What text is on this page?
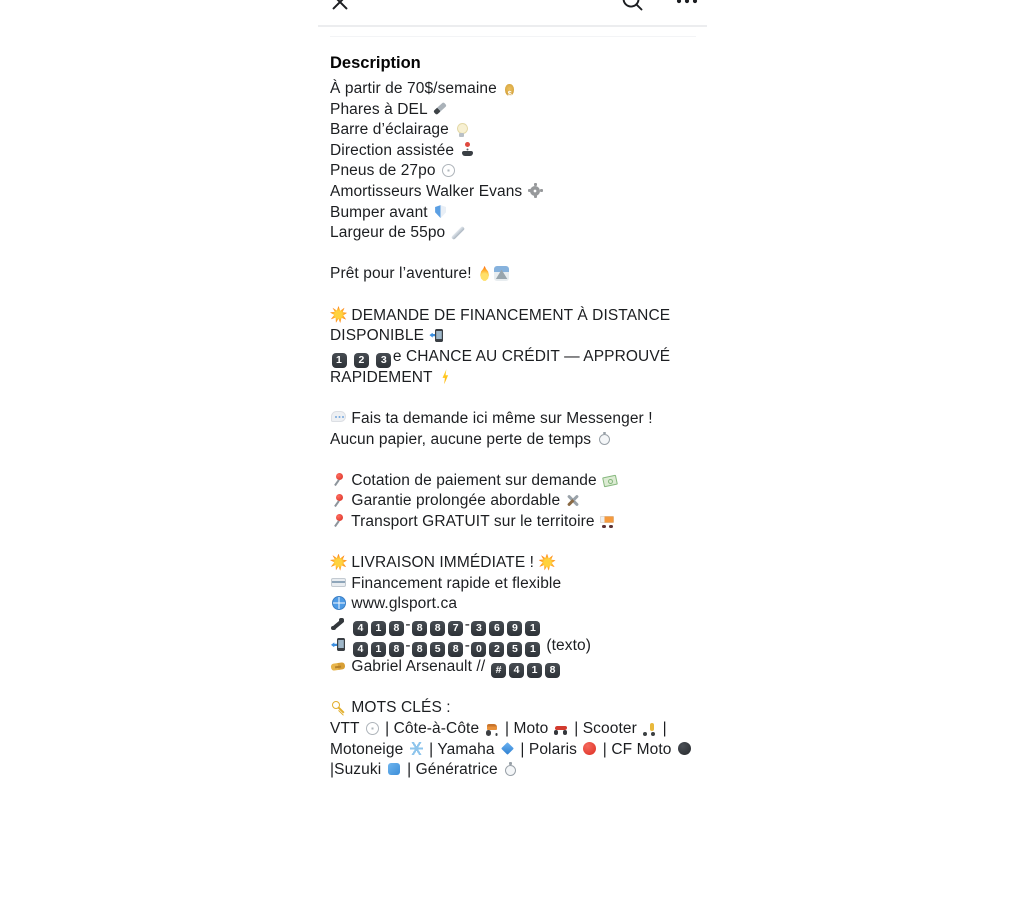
Description
À partir de 70$/semaine $
Phares à DEL
Barre d’éclairage
Direction assistée
Pneus de 27po
Amortisseurs Walker Evans
Bumper avant
Largeur de 55po
Prêt pour l’aventure!
DEMANDE DE FINANCEMENT À DISTANCE DISPONIBLE
1 2 3 e CHANCE AU CRÉDIT — APPROUVÉ RAPIDEMENT
Fais ta demande ici même sur Messenger !
Aucun papier, aucune perte de temps
Cotation de paiement sur demande
Garantie prolongée abordable
Transport GRATUIT sur le territoire
LIVRAISON IMMÉDIATE !
Financement rapide et flexible
www.glsport.ca
4 1 8 - 8 8 7 - 3 6 9 1
4 1 8 - 8 5 8 - 0 2 5 1 (texto)
Gabriel Arsenault // # 4 1 8
MOTS CLÉS :
VTT  | Côte-à-Côte  | Moto  | Scooter  | Motoneige  | Yamaha  | Polaris  | CF Moto  |Suzuki  | Génératrice
